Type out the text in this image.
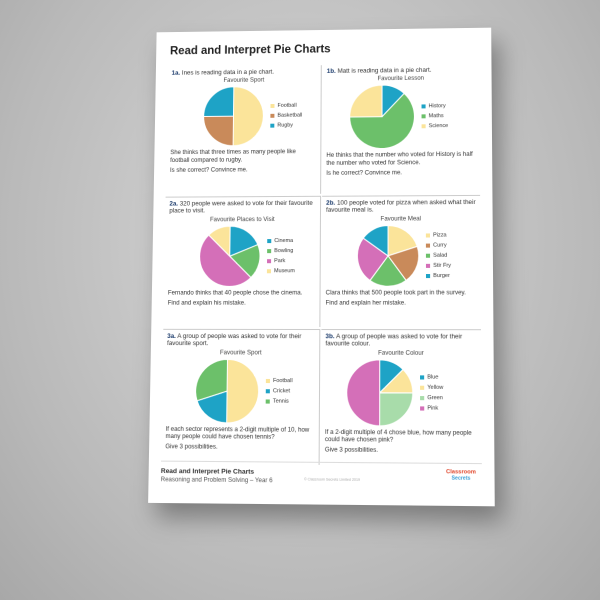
Read and Interpret Pie Charts
1a. Ines is reading data in a pie chart.
Favourite Sport
Football
Basketball
Rugby
She thinks that three times as many people like football compared to rugby.
Is she correct? Convince me.
1b. Matt is reading data in a pie chart.
Favourite Lesson
History
Maths
Science
He thinks that the number who voted for History is half the number who voted for Science.
Is he correct? Convince me.
2a. 320 people were asked to vote for their favourite place to visit.
Favourite Places to Visit
Cinema
Bowling
Park
Museum
Fernando thinks that 40 people chose the cinema.
Find and explain his mistake.
2b. 100 people voted for pizza when asked what their favourite meal is.
Favourite Meal
Pizza
Curry
Salad
Stir Fry
Burger
Clara thinks that 500 people took part in the survey.
Find and explain her mistake.
3a. A group of people was asked to vote for their favourite sport.
Favourite Sport
Football
Cricket
Tennis
If each sector represents a 2-digit multiple of 10, how many people could have chosen tennis?
Give 3 possibilities.
3b. A group of people was asked to vote for their favourite colour.
Favourite Colour
Blue
Yellow
Green
Pink
If a 2-digit multiple of 4 chose blue, how many people could have chosen pink?
Give 3 possibilities.
Read and Interpret Pie Charts
Reasoning and Problem Solving – Year 6	© Classroom Secrets Limited 2019
Classroom
Secrets
